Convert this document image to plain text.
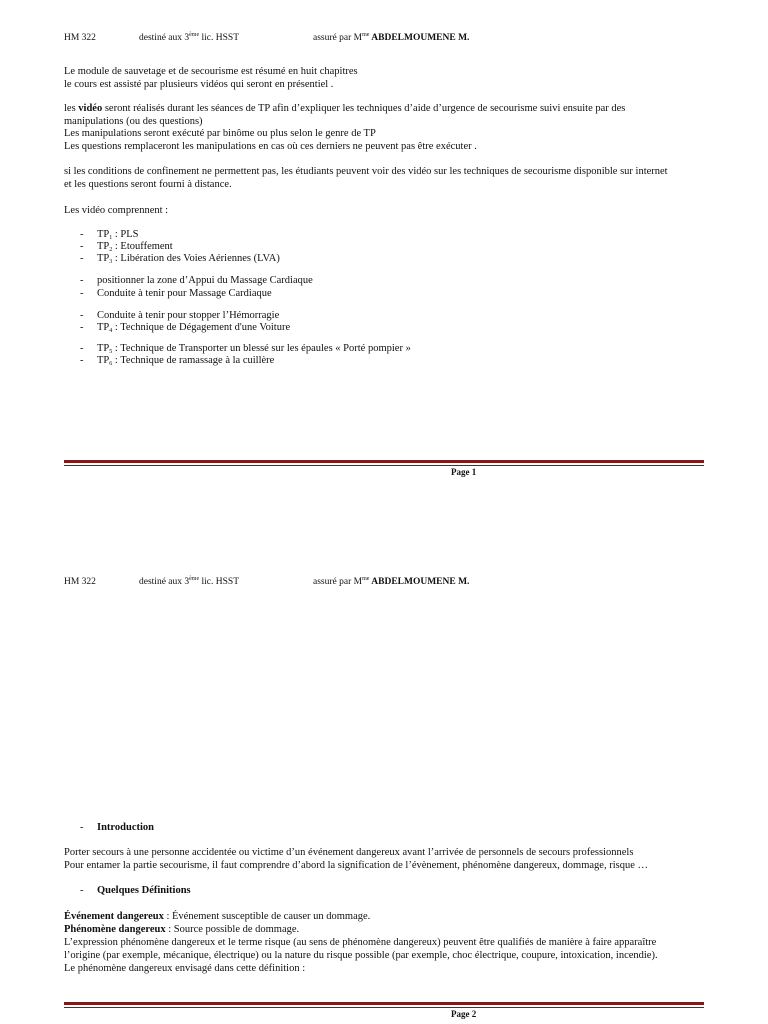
HM 322	destiné aux 3ème lic. HSST	assuré par $M^{me}$ ABDELMOUMENE M.
Le module de sauvetage et de secourisme est résumé en huit chapitres
le cours est assisté par plusieurs vidéos qui seront en présentiel .
les vidéo seront réalisés durant les séances de TP afin d’expliquer les techniques d’aide d’urgence de secourisme suivi ensuite par des
manipulations (ou des questions)
Les manipulations seront exécuté par binôme ou plus selon le genre de TP
Les questions remplaceront les manipulations en cas où ces derniers ne peuvent pas être exécuter .
si les conditions de confinement ne permettent pas, les étudiants peuvent voir des vidéo sur les techniques de secourisme disponible sur internet
et les questions seront fourni à distance.
Les vidéo comprennent :
- $TP_1$ : PLS
- $TP_2$ : Etouffement
- $TP_3$ : Libération des Voies Aériennes (LVA)
- positionner la zone d’Appui du Massage Cardiaque
- Conduite à tenir pour Massage Cardiaque
- Conduite à tenir pour stopper l’Hémorragie
- $TP_4$ : Technique de Dégagement d'une Voiture
- $TP_5$ : Technique de Transporter un blessé sur les épaules « Porté pompier »
- $TP_6$ : Technique de ramassage à la cuillère
Page 1
HM 322	destiné aux 3ème lic. HSST	assuré par $M^{me}$ ABDELMOUMENE M.
- Introduction
Porter secours à une personne accidentée ou victime d’un événement dangereux avant l’arrivée de personnels de secours professionnels
Pour entamer la partie secourisme, il faut comprendre d’abord la signification de l’évènement, phénomène dangereux, dommage, risque …
- Quelques Définitions
Événement dangereux : Événement susceptible de causer un dommage.
Phénomène dangereux : Source possible de dommage.
L’expression phénomène dangereux et le terme risque (au sens de phénomène dangereux) peuvent être qualifiés de manière à faire apparaître
l’origine (par exemple, mécanique, électrique) ou la nature du risque possible (par exemple, choc électrique, coupure, intoxication, incendie).
Le phénomène dangereux envisagé dans cette définition :
Page 2
